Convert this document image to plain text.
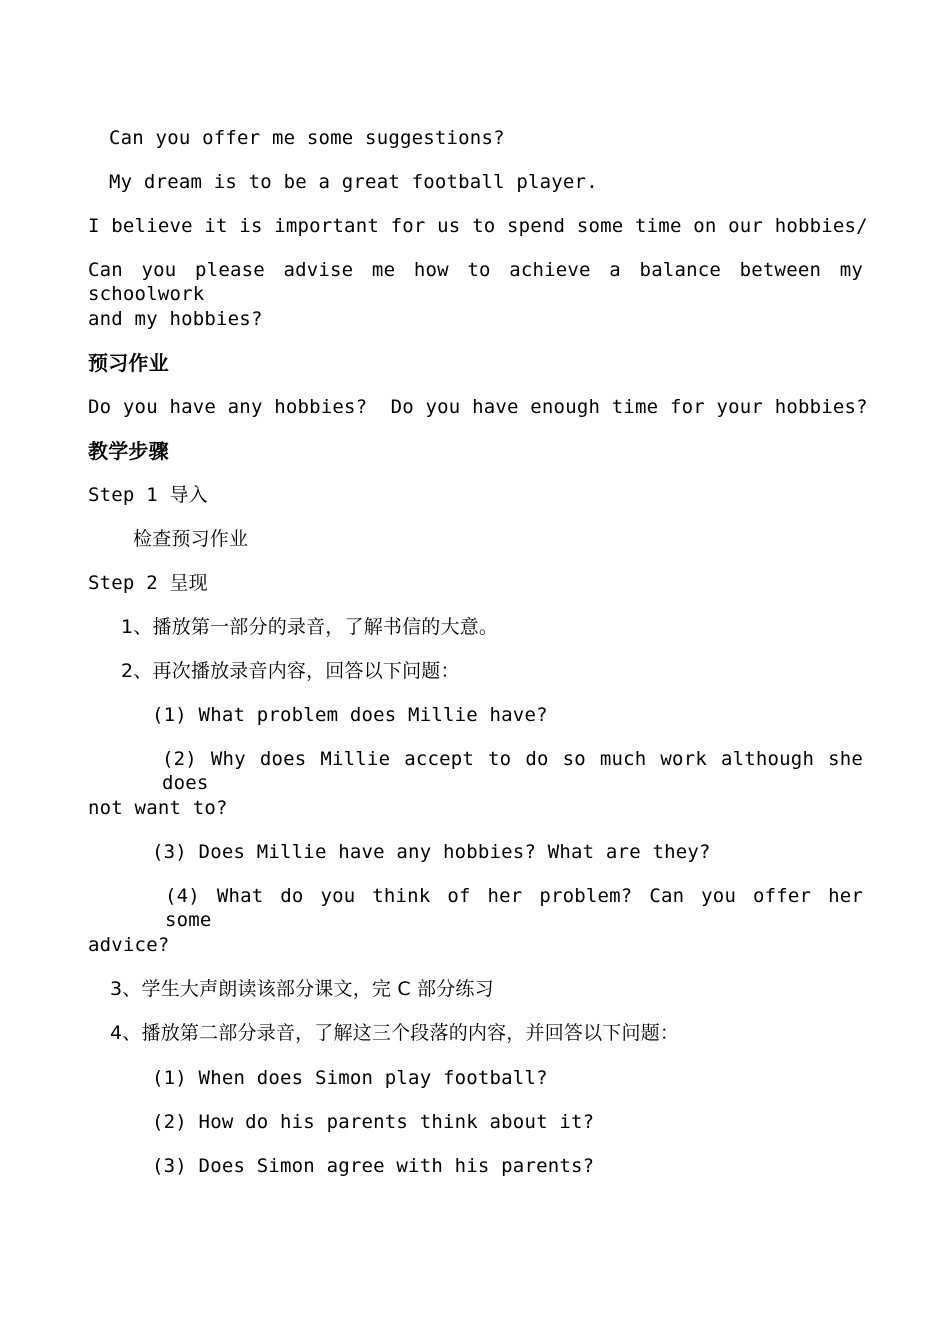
Can you offer me some suggestions?
My dream is to be a great football player.
I believe it is important for us to spend some time on our hobbies/
Can you please advise me how to achieve a balance between my schoolwork
and my hobbies?
预习作业
Do you have any hobbies?  Do you have enough time for your hobbies?
教学步骤
Step 1 导入
检查预习作业
Step 2 呈现
1、播放第一部分的录音，了解书信的大意。
2、再次播放录音内容，回答以下问题：
(1) What problem does Millie have?
(2) Why does Millie accept to do so much work although she does
not want to?
(3) Does Millie have any hobbies? What are they?
(4) What do you think of her problem? Can you offer her some
advice?
3、学生大声朗读该部分课文，完 C 部分练习
4、播放第二部分录音，了解这三个段落的内容，并回答以下问题：
(1) When does Simon play football?
(2) How do his parents think about it?
(3) Does Simon agree with his parents?
